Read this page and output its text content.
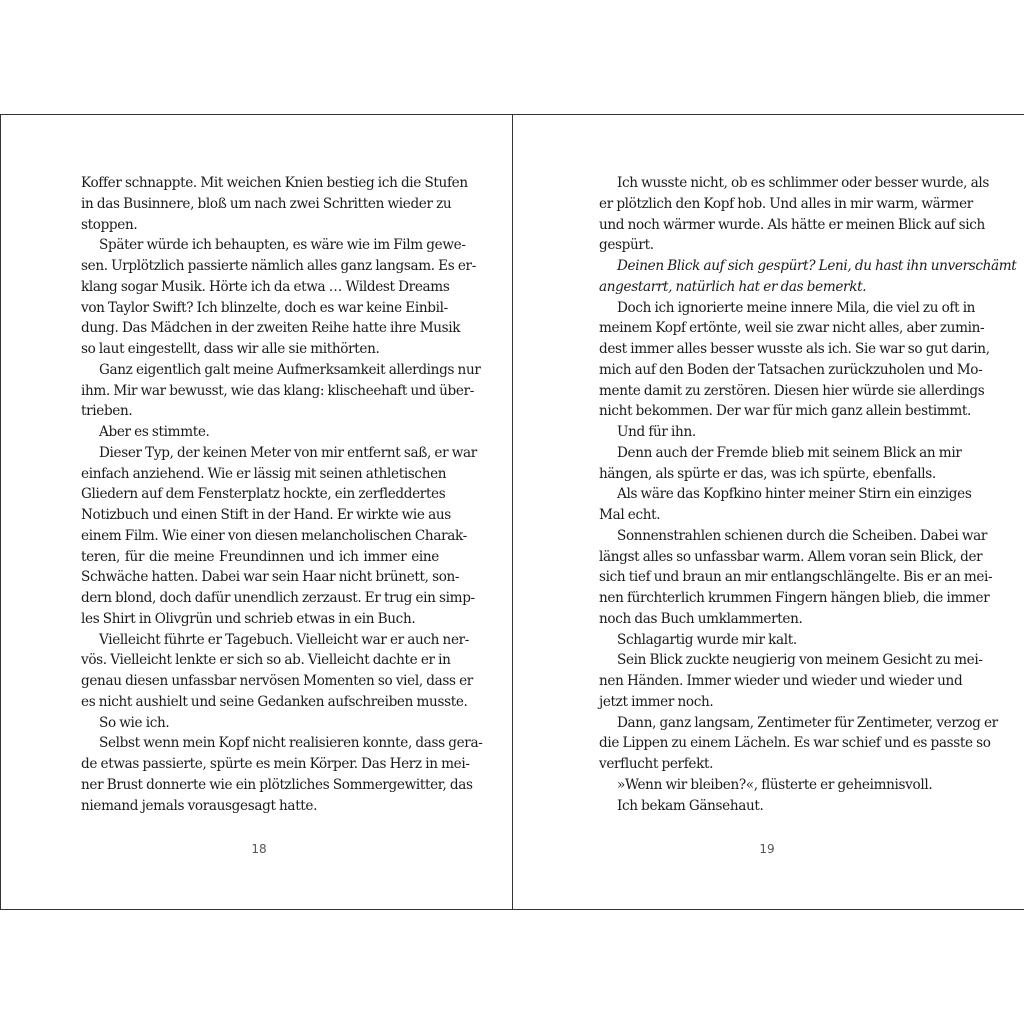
Koffer schnappte. Mit weichen Knien bestieg ich die Stufen
in das Businnere, bloß um nach zwei Schritten wieder zu
stoppen.
Später würde ich behaupten, es wäre wie im Film gewe-
sen. Urplötzlich passierte nämlich alles ganz langsam. Es er-
klang sogar Musik. Hörte ich da etwa … Wildest Dreams
von Taylor Swift? Ich blinzelte, doch es war keine Einbil-
dung. Das Mädchen in der zweiten Reihe hatte ihre Musik
so laut eingestellt, dass wir alle sie mithörten.
Ganz eigentlich galt meine Aufmerksamkeit allerdings nur
ihm. Mir war bewusst, wie das klang: klischeehaft und über-
trieben.
Aber es stimmte.
Dieser Typ, der keinen Meter von mir entfernt saß, er war
einfach anziehend. Wie er lässig mit seinen athletischen
Gliedern auf dem Fensterplatz hockte, ein zerfleddertes
Notizbuch und einen Stift in der Hand. Er wirkte wie aus
einem Film. Wie einer von diesen melancholischen Charak-
teren, für die meine Freundinnen und ich immer eine
Schwäche hatten. Dabei war sein Haar nicht brünett, son-
dern blond, doch dafür unendlich zerzaust. Er trug ein simp-
les Shirt in Olivgrün und schrieb etwas in ein Buch.
Vielleicht führte er Tagebuch. Vielleicht war er auch ner-
vös. Vielleicht lenkte er sich so ab. Vielleicht dachte er in
genau diesen unfassbar nervösen Momenten so viel, dass er
es nicht aushielt und seine Gedanken aufschreiben musste.
So wie ich.
Selbst wenn mein Kopf nicht realisieren konnte, dass gera-
de etwas passierte, spürte es mein Körper. Das Herz in mei-
ner Brust donnerte wie ein plötzliches Sommergewitter, das
niemand jemals vorausgesagt hatte.
18
Ich wusste nicht, ob es schlimmer oder besser wurde, als
er plötzlich den Kopf hob. Und alles in mir warm, wärmer
und noch wärmer wurde. Als hätte er meinen Blick auf sich
gespürt.
Deinen Blick auf sich gespürt? Leni, du hast ihn unverschämt
angestarrt, natürlich hat er das bemerkt.
Doch ich ignorierte meine innere Mila, die viel zu oft in
meinem Kopf ertönte, weil sie zwar nicht alles, aber zumin-
dest immer alles besser wusste als ich. Sie war so gut darin,
mich auf den Boden der Tatsachen zurückzuholen und Mo-
mente damit zu zerstören. Diesen hier würde sie allerdings
nicht bekommen. Der war für mich ganz allein bestimmt.
Und für ihn.
Denn auch der Fremde blieb mit seinem Blick an mir
hängen, als spürte er das, was ich spürte, ebenfalls.
Als wäre das Kopfkino hinter meiner Stirn ein einziges
Mal echt.
Sonnenstrahlen schienen durch die Scheiben. Dabei war
längst alles so unfassbar warm. Allem voran sein Blick, der
sich tief und braun an mir entlangschlängelte. Bis er an mei-
nen fürchterlich krummen Fingern hängen blieb, die immer
noch das Buch umklammerten.
Schlagartig wurde mir kalt.
Sein Blick zuckte neugierig von meinem Gesicht zu mei-
nen Händen. Immer wieder und wieder und wieder und
jetzt immer noch.
Dann, ganz langsam, Zentimeter für Zentimeter, verzog er
die Lippen zu einem Lächeln. Es war schief und es passte so
verflucht perfekt.
»Wenn wir bleiben?«, flüsterte er geheimnisvoll.
Ich bekam Gänsehaut.
19
